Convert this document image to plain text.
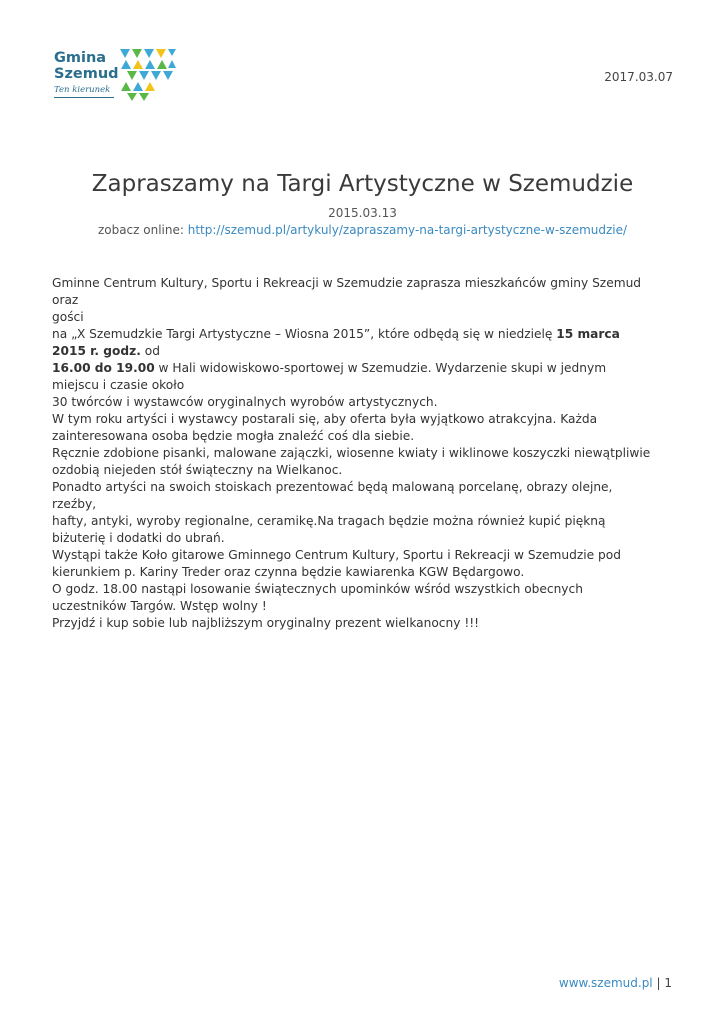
Gmina
Szemud
Ten kierunek
2017.03.07
Zapraszamy na Targi Artystyczne w Szemudzie
2015.03.13
zobacz online: http://szemud.pl/artykuly/zapraszamy-na-targi-artystyczne-w-szemudzie/

Gminne Centrum Kultury, Sportu i Rekreacji w Szemudzie zaprasza mieszkańców gminy Szemud oraz

gości

na „X Szemudzkie Targi Artystyczne – Wiosna 2015”, które odbędą się w niedzielę 15 marca 2015 r. godz. od

16.00 do 19.00 w Hali widowiskowo-sportowej w Szemudzie. Wydarzenie skupi w jednym miejscu i czasie około

30 twórców i wystawców oryginalnych wyrobów artystycznych.

W tym roku artyści i wystawcy postarali się, aby oferta była wyjątkowo atrakcyjna. Każda zainteresowana osoba będzie mogła znaleźć coś dla siebie.

Ręcznie zdobione pisanki, malowane zajączki, wiosenne kwiaty i wiklinowe koszyczki niewątpliwie ozdobią niejeden stół świąteczny na Wielkanoc.

Ponadto artyści na swoich stoiskach prezentować będą malowaną porcelanę, obrazy olejne,

rzeźby,

hafty, antyki, wyroby regionalne, ceramikę.Na tragach będzie można również kupić piękną biżuterię i dodatki do ubrań.

Wystąpi także Koło gitarowe Gminnego Centrum Kultury, Sportu i Rekreacji w Szemudzie pod kierunkiem p. Kariny Treder oraz czynna będzie kawiarenka KGW Będargowo.

O godz. 18.00 nastąpi losowanie świątecznych upominków wśród wszystkich obecnych uczestników Targów. Wstęp wolny !

Przyjdź i kup sobie lub najbliższym oryginalny prezent wielkanocny !!!

www.szemud.pl | 1
